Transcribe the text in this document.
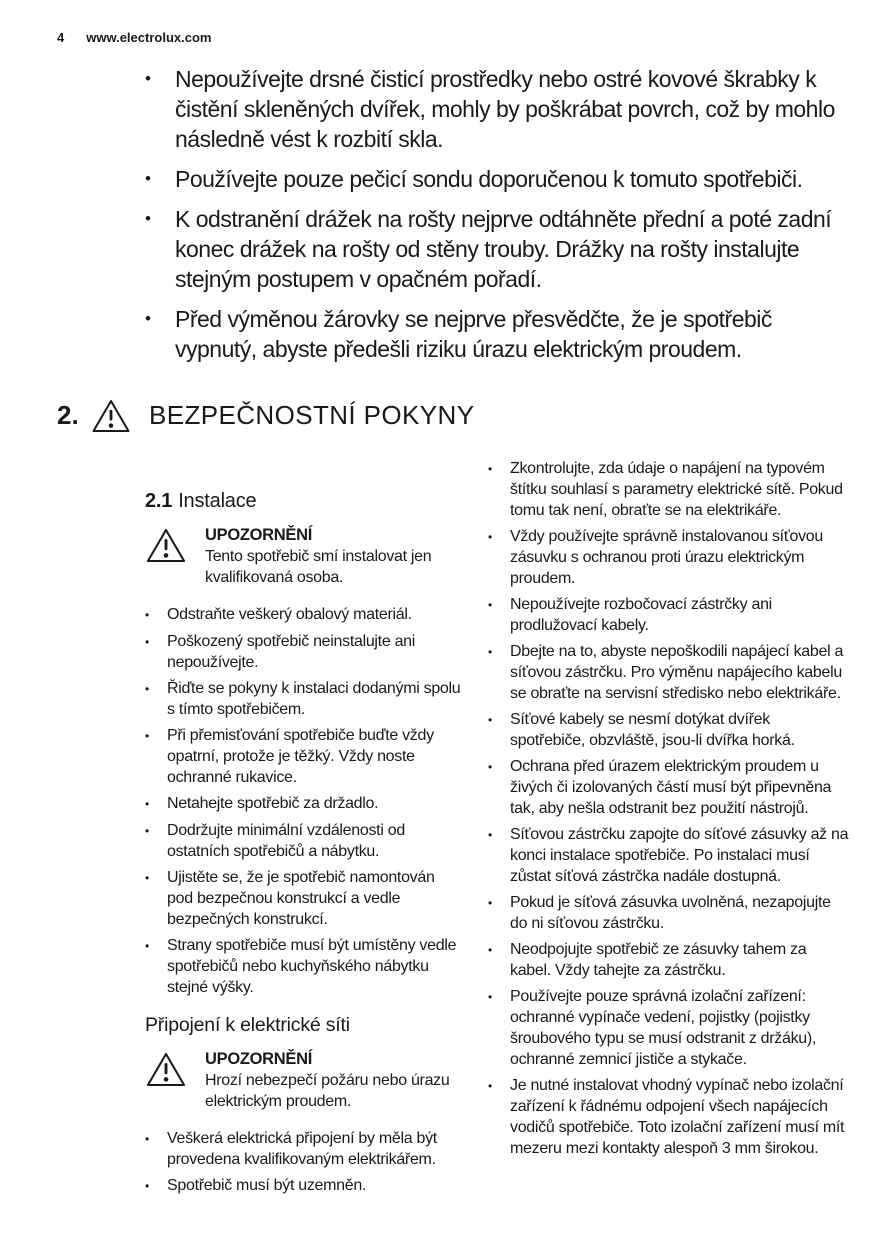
4 www.electrolux.com
•	Nepoužívejte drsné čisticí prostředky nebo ostré kovové škrabky k čistění skleněných dvířek, mohly by poškrábat povrch, což by mohlo následně vést k rozbití skla.
•	Používejte pouze pečicí sondu doporučenou k tomuto spotřebiči.
•	K odstranění drážek na rošty nejprve odtáhněte přední a poté zadní konec drážek na rošty od stěny trouby. Drážky na rošty instalujte stejným postupem v opačném pořadí.
•	Před výměnou žárovky se nejprve přesvědčte, že je spotřebič vypnutý, abyste předešli riziku úrazu elektrickým proudem.
2.	BEZPEČNOSTNÍ POKYNY
2.1 Instalace
UPOZORNĚNÍ
Tento spotřebič smí instalovat jen kvalifikovaná osoba.
•	Odstraňte veškerý obalový materiál.
•	Poškozený spotřebič neinstalujte ani nepoužívejte.
•	Řiďte se pokyny k instalaci dodanými spolu s tímto spotřebičem.
•	Při přemisťování spotřebiče buďte vždy opatrní, protože je těžký. Vždy noste ochranné rukavice.
•	Netahejte spotřebič za držadlo.
•	Dodržujte minimální vzdálenosti od ostatních spotřebičů a nábytku.
•	Ujistěte se, že je spotřebič namontován pod bezpečnou konstrukcí a vedle bezpečných konstrukcí.
•	Strany spotřebiče musí být umístěny vedle spotřebičů nebo kuchyňského nábytku stejné výšky.
Připojení k elektrické síti
UPOZORNĚNÍ
Hrozí nebezpečí požáru nebo úrazu elektrickým proudem.
•	Veškerá elektrická připojení by měla být provedena kvalifikovaným elektrikářem.
•	Spotřebič musí být uzemněn.
•	Zkontrolujte, zda údaje o napájení na typovém štítku souhlasí s parametry elektrické sítě. Pokud tomu tak není, obraťte se na elektrikáře.
•	Vždy používejte správně instalovanou síťovou zásuvku s ochranou proti úrazu elektrickým proudem.
•	Nepoužívejte rozbočovací zástrčky ani prodlužovací kabely.
•	Dbejte na to, abyste nepoškodili napájecí kabel a síťovou zástrčku. Pro výměnu napájecího kabelu se obraťte na servisní středisko nebo elektrikáře.
•	Síťové kabely se nesmí dotýkat dvířek spotřebiče, obzvláště, jsou-li dvířka horká.
•	Ochrana před úrazem elektrickým proudem u živých či izolovaných částí musí být připevněna tak, aby nešla odstranit bez použití nástrojů.
•	Síťovou zástrčku zapojte do síťové zásuvky až na konci instalace spotřebiče. Po instalaci musí zůstat síťová zástrčka nadále dostupná.
•	Pokud je síťová zásuvka uvolněná, nezapojujte do ni síťovou zástrčku.
•	Neodpojujte spotřebič ze zásuvky tahem za kabel. Vždy tahejte za zástrčku.
•	Používejte pouze správná izolační zařízení: ochranné vypínače vedení, pojistky (pojistky šroubového typu se musí odstranit z držáku), ochranné zemnicí jističe a stykače.
•	Je nutné instalovat vhodný vypínač nebo izolační zařízení k řádnému odpojení všech napájecích vodičů spotřebiče. Toto izolační zařízení musí mít mezeru mezi kontakty alespoň 3 mm širokou.
